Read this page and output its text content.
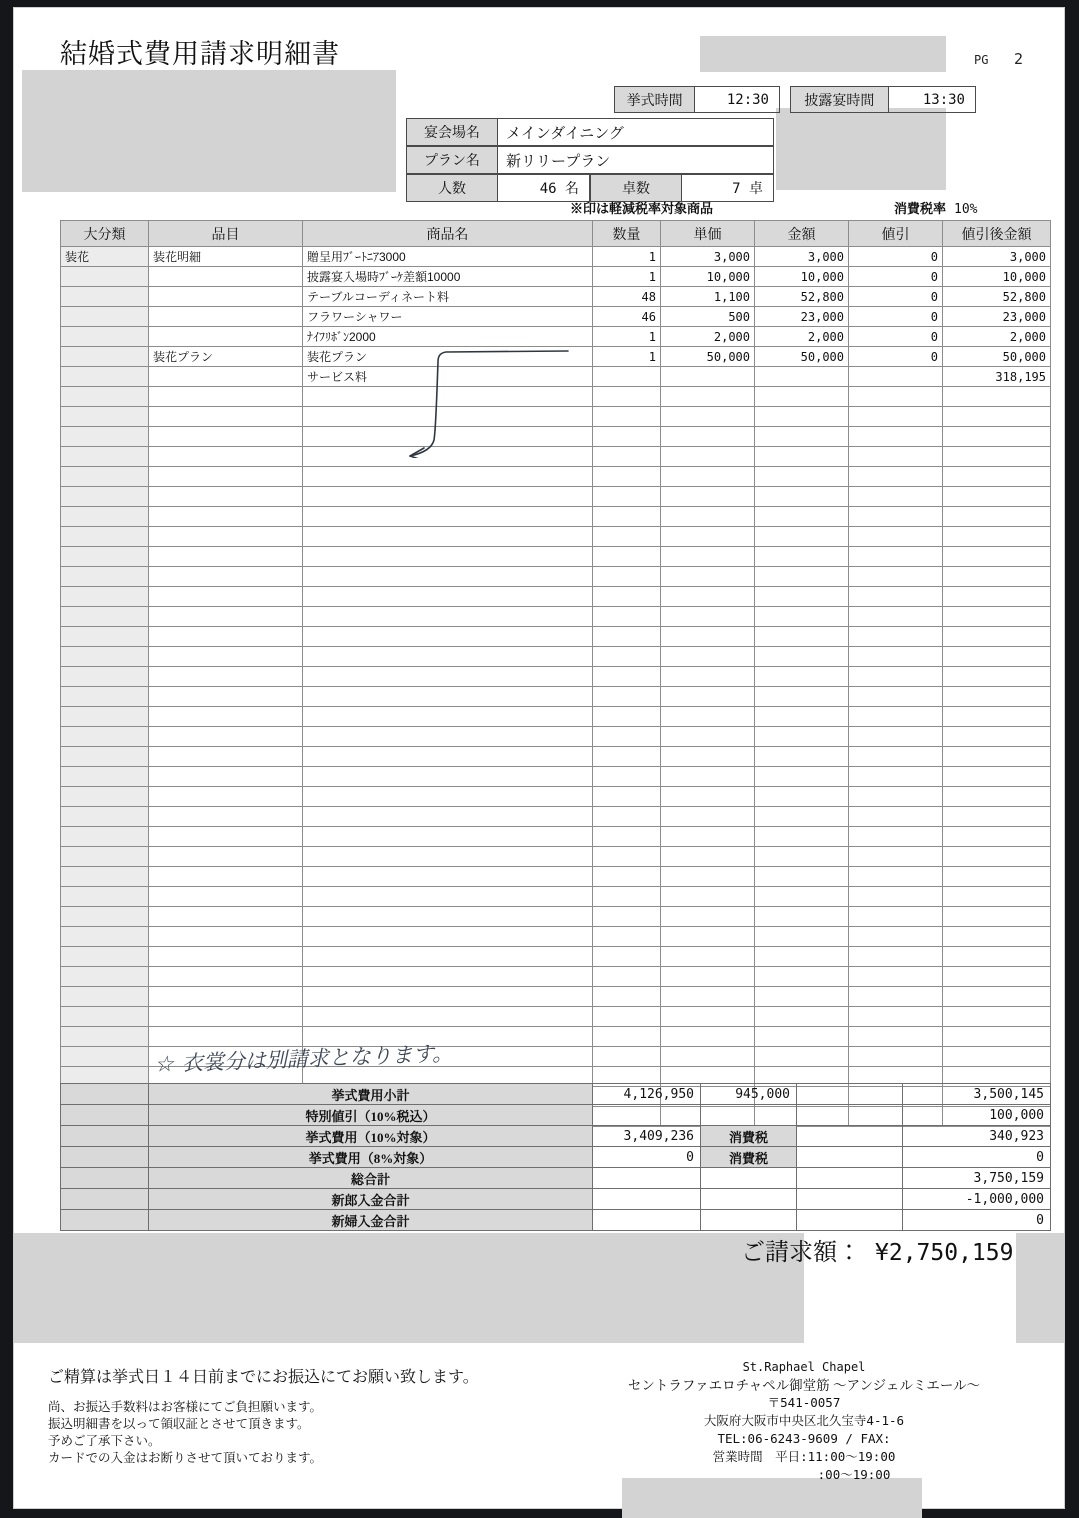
結婚式費用請求明細書	PG 2
挙式時間	12:30	披露宴時間	13:30
宴会場名	メインダイニング
プラン名	新リリープラン
人数	46 名	卓数	7 卓
※印は軽減税率対象商品	消費税率 10%
大分類	品目	商品名	数量	単価	金額	値引	値引後金額
装花	装花明細	贈呈用ﾌﾞｰﾄﾆｱ3000	1	3,000	3,000	0	3,000
		披露宴入場時ﾌﾞｰｹ差額10000	1	10,000	10,000	0	10,000
		テーブルコーディネート料	48	1,100	52,800	0	52,800
		フラワーシャワー	46	500	23,000	0	23,000
		ﾅｲﾌﾘﾎﾞﾝ2000	1	2,000	2,000	0	2,000
	装花プラン	装花プラン	1	50,000	50,000	0	50,000
		サービス料					318,195

☆ 衣裳分は別請求となります。
	挙式費用小計	4,126,950	945,000		3,500,145
	特別値引（10%税込）				100,000
	挙式費用（10%対象）	3,409,236	消費税		340,923
	挙式費用（8%対象）	0	消費税		0
	総合計				3,750,159
	新郎入金合計				-1,000,000
	新婦入金合計				0
ご請求額： ¥2,750,159
ご精算は挙式日１４日前までにお振込にてお願い致します。
尚、お振込手数料はお客様にてご負担願います。
振込明細書を以って領収証とさせて頂きます。
予めご了承下さい。
カードでの入金はお断りさせて頂いております。
St.Raphael Chapel
セントラファエロチャペル御堂筋 ～アンジェルミエール～
〒541-0057
大阪府大阪市中央区北久宝寺4-1-6
TEL:06-6243-9609 / FAX:
営業時間　平日:11:00～19:00
　　　　　　　　:00～19:00
